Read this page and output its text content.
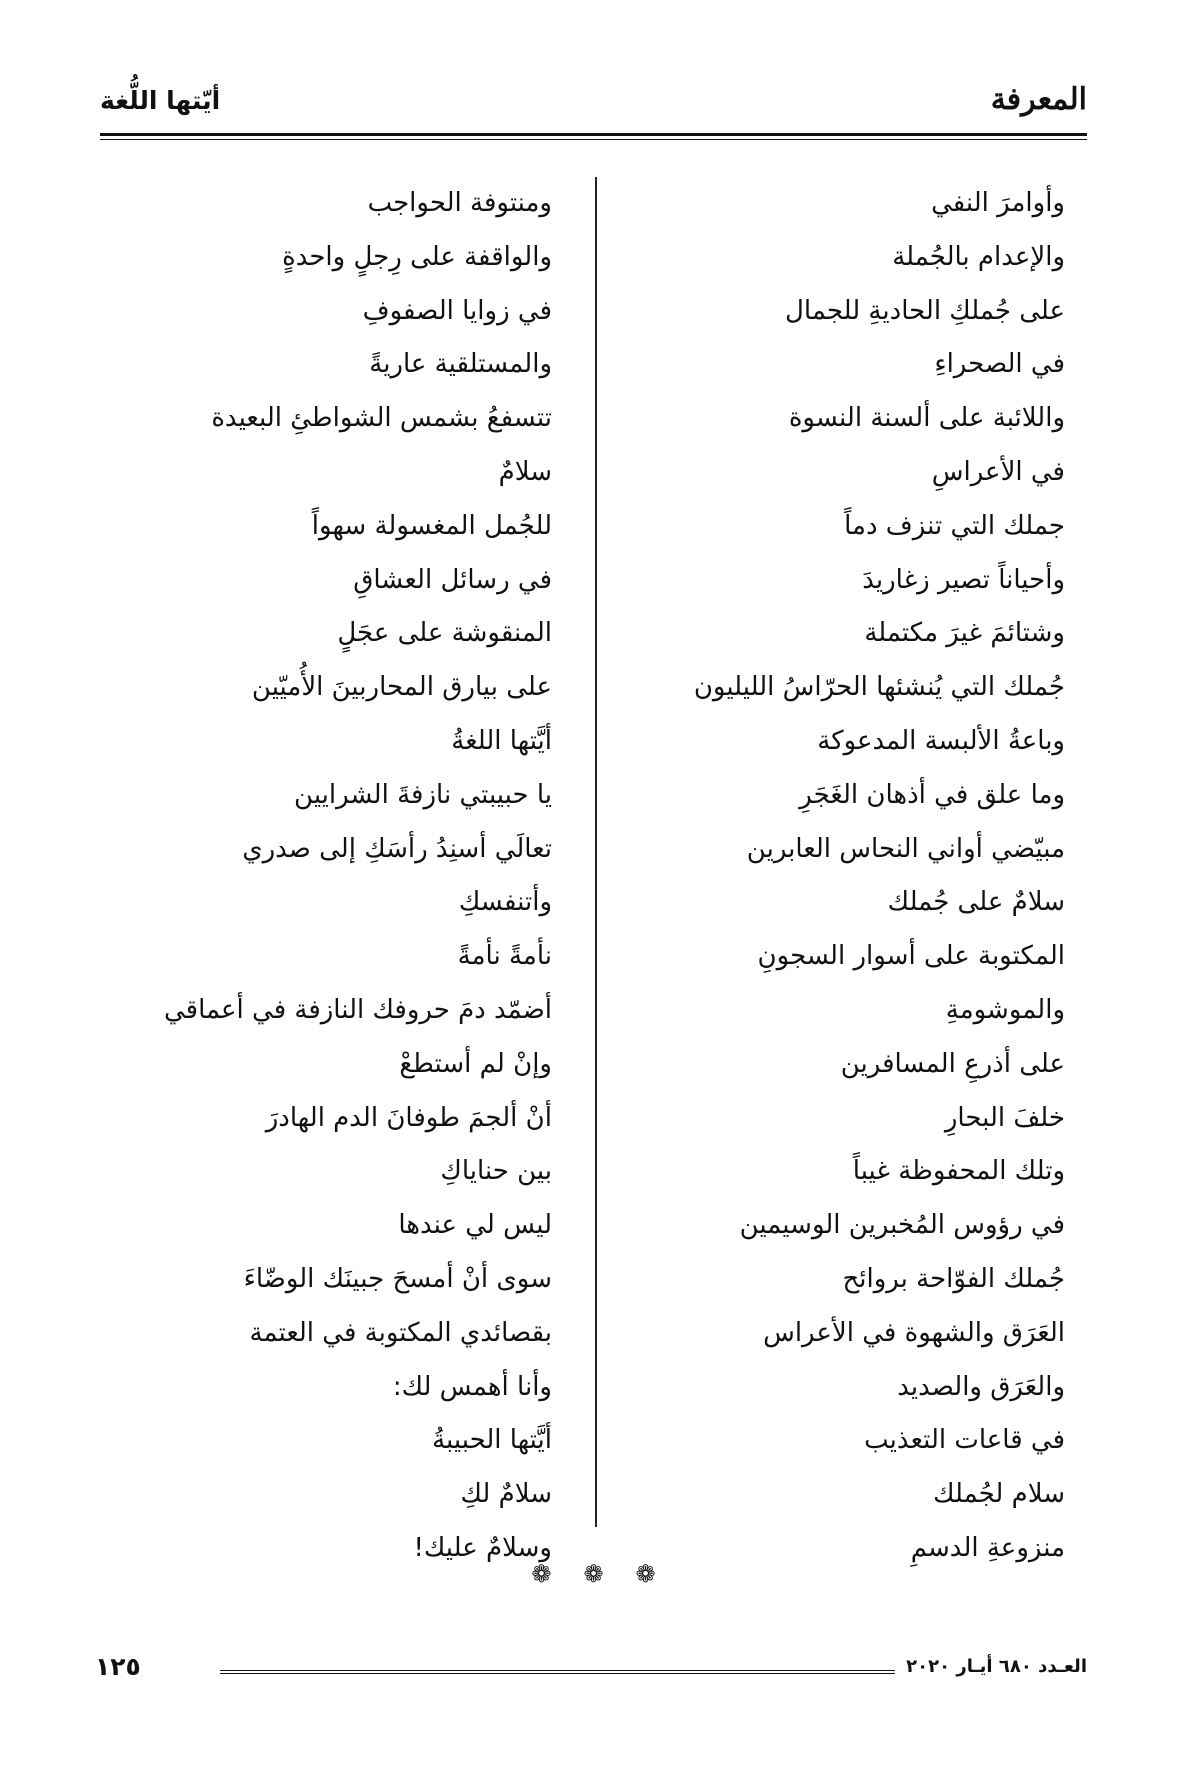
المعرفة
أيّتها اللُّغة
وأوامرَ النفي
والإعدام بالجُملة
على جُملكِ الحاديةِ للجمال
في الصحراءِ
واللائبة على ألسنة النسوة
في الأعراسِ
جملك التي تنزف دماً
وأحياناً تصير زغاريدَ
وشتائمَ غيرَ مكتملة
جُملك التي يُنشئها الحرّاسُ الليليون
وباعةُ الألبسة المدعوكة
وما علق في أذهان الغَجَرِ
مبيّضي أواني النحاس العابرين
سلامٌ على جُملك
المكتوبة على أسوار السجونِ
والموشومةِ
على أذرعِ المسافرين
خلفَ البحارِ
وتلك المحفوظة غيباً
في رؤوس المُخبرين الوسيمين
جُملك الفوّاحة بروائح
العَرَق والشهوة في الأعراس
والعَرَق والصديد
في قاعات التعذيب
سلام لجُملك
منزوعةِ الدسمِ
ومنتوفة الحواجب
والواقفة على رِجلٍ واحدةٍ
في زوايا الصفوفِ
والمستلقية عاريةً
تتسفعُ بشمس الشواطئِ البعيدة
سلامٌ
للجُمل المغسولة سهواً
في رسائل العشاقِ
المنقوشة على عجَلٍ
على بيارق المحاربينَ الأُميّين
أيَّتها اللغةُ
يا حبيبتي نازفةَ الشرايين
تعالَي أسنِدُ رأسَكِ إلى صدري
وأتنفسكِ
نأمةً نأمةً
أضمّد دمَ حروفك النازفة في أعماقي
وإنْ لم أستطعْ
أنْ ألجمَ طوفانَ الدم الهادرَ
بين حناياكِ
ليس لي عندها
سوى أنْ أمسحَ جبينَك الوضّاءَ
بقصائدي المكتوبة في العتمة
وأنا أهمس لك:
أيَّتها الحبيبةُ
سلامٌ لكِ
وسلامٌ عليك!
❁ ❁ ❁
١٢٥	العـدد ٦٨٠ أيـار ٢٠٢٠
